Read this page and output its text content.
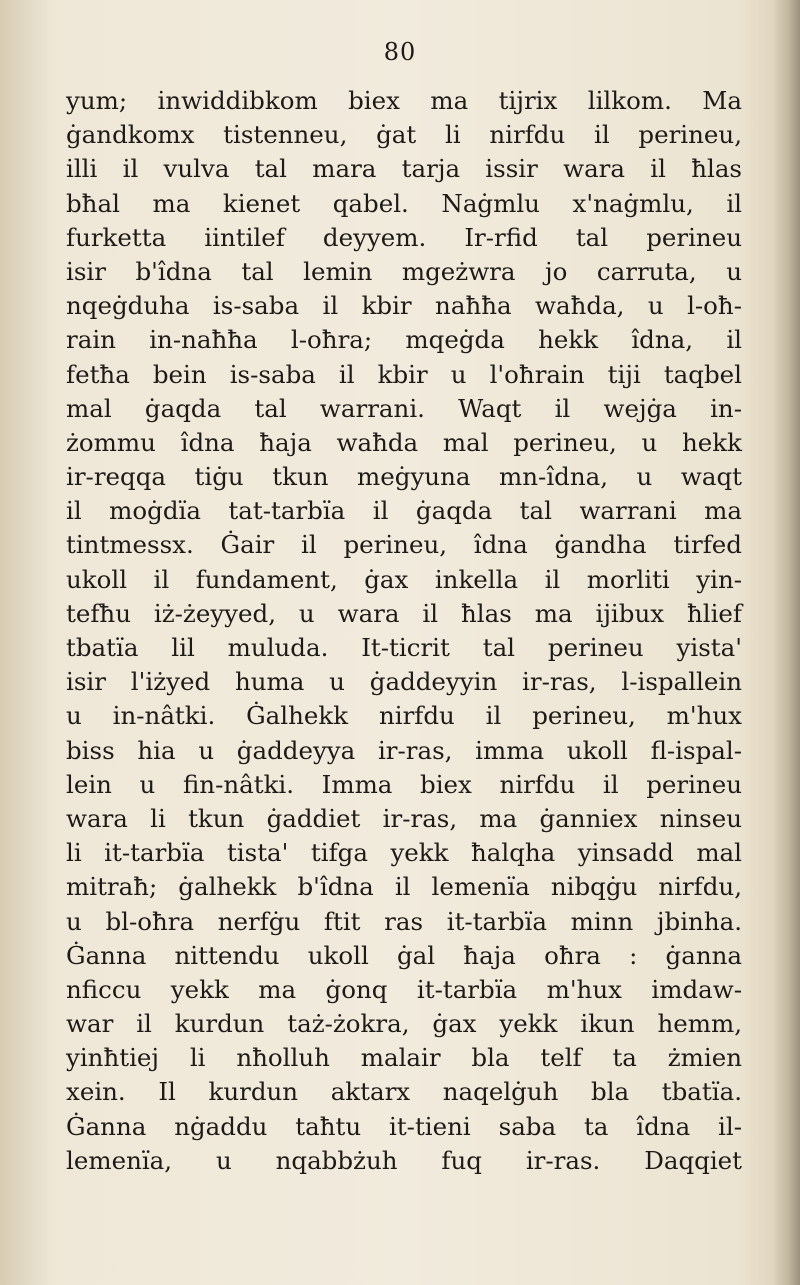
80
yum; inwiddibkom biex ma tijrix lilkom. Ma
ġandkomx tistenneu, ġat li nirfdu il perineu,
illi il vulva tal mara tarja issir wara il ħlas
bħal ma kienet qabel. Naġmlu x'naġmlu, il
furketta iintilef deyyem. Ir-rfid tal perineu
isir b'îdna tal lemin mgeżwra jo carruta, u
nqeġduha is-saba il kbir naħħa waħda, u l-oħ-
rain in-naħħa l-oħra; mqeġda hekk îdna, il
fetħa bein is-saba il kbir u l'oħrain tiji taqbel
mal ġaqda tal warrani. Waqt il wejġa in-
żommu îdna ħaja waħda mal perineu, u hekk
ir-reqqa tiġu tkun meġyuna mn-îdna, u waqt
il moġdïa tat-tarbïa il ġaqda tal warrani ma
tintmessx. Ġair il perineu, îdna ġandha tirfed
ukoll il fundament, ġax inkella il morliti yin-
tefħu iż-żeyyed, u wara il ħlas ma ijibux ħlief
tbatïa lil muluda. It-ticrit tal perineu yista'
isir l'iżyed huma u ġaddeyyin ir-ras, l-ispallein
u in-nâtki. Ġalhekk nirfdu il perineu, m'hux
biss hia u ġaddeyya ir-ras, imma ukoll fl-ispal-
lein u fin-nâtki. Imma biex nirfdu il perineu
wara li tkun ġaddiet ir-ras, ma ġanniex ninseu
li it-tarbïa tista' tifga yekk ħalqha yinsadd mal
mitraħ; ġalhekk b'îdna il lemenïa nibqġu nirfdu,
u bl-oħra nerfġu ftit ras it-tarbïa minn jbinha.
Ġanna nittendu ukoll ġal ħaja oħra : ġanna
nficcu yekk ma ġonq it-tarbïa m'hux imdaw-
war il kurdun taż-żokra, ġax yekk ikun hemm,
yinħtiej li nħolluh malair bla telf ta żmien
xein. Il kurdun aktarx naqelġuh bla tbatïa.
Ġanna nġaddu taħtu it-tieni saba ta îdna il-
lemenïa, u nqabbżuh fuq ir-ras. Daqqiet
